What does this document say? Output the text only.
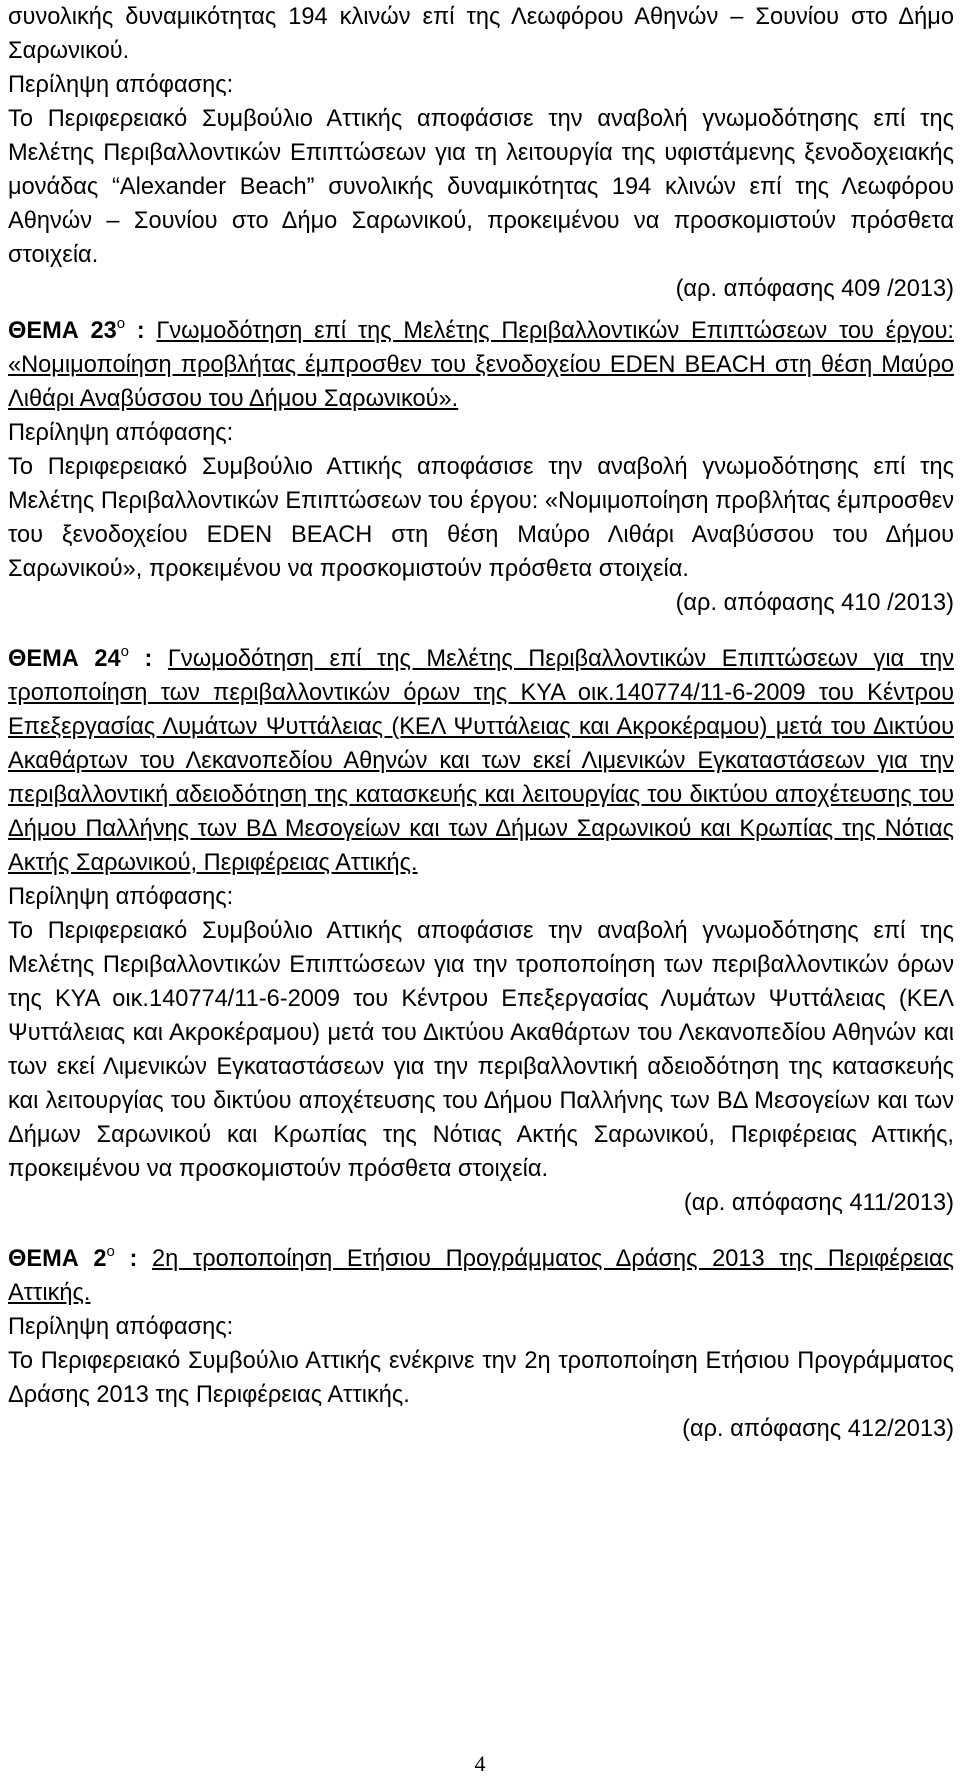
συνολικής δυναμικότητας 194 κλινών επί της Λεωφόρου Αθηνών – Σουνίου στο Δήμο Σαρωνικού.

Περίληψη απόφασης:

Το Περιφερειακό Συμβούλιο Αττικής αποφάσισε την αναβολή γνωμοδότησης επί της Μελέτης Περιβαλλοντικών Επιπτώσεων για τη λειτουργία της υφιστάμενης ξενοδοχειακής μονάδας “Alexander Beach” συνολικής δυναμικότητας 194 κλινών επί της Λεωφόρου Αθηνών – Σουνίου στο Δήμο Σαρωνικού, προκειμένου να προσκομιστούν πρόσθετα στοιχεία.

(αρ. απόφασης 409 /2013)

ΘΕΜΑ $23^o$ : Γνωμοδότηση επί της Μελέτης Περιβαλλοντικών Επιπτώσεων του έργου: «Νομιμοποίηση προβλήτας έμπροσθεν του ξενοδοχείου EDEN BEACH στη θέση Μαύρο Λιθάρι Αναβύσσου του Δήμου Σαρωνικού».

Περίληψη απόφασης:

Το Περιφερειακό Συμβούλιο Αττικής αποφάσισε την αναβολή γνωμοδότησης επί της Μελέτης Περιβαλλοντικών Επιπτώσεων του έργου: «Νομιμοποίηση προβλήτας έμπροσθεν του ξενοδοχείου EDEN BEACH στη θέση Μαύρο Λιθάρι Αναβύσσου του Δήμου Σαρωνικού», προκειμένου να προσκομιστούν πρόσθετα στοιχεία.

(αρ. απόφασης 410 /2013)

ΘΕΜΑ $24^o$ : Γνωμοδότηση επί της Μελέτης Περιβαλλοντικών Επιπτώσεων για την τροποποίηση των περιβαλλοντικών όρων της ΚΥΑ οικ.140774/11-6-2009 του Κέντρου Επεξεργασίας Λυμάτων Ψυττάλειας (ΚΕΛ Ψυττάλειας και Ακροκέραμου) μετά του Δικτύου Ακαθάρτων του Λεκανοπεδίου Αθηνών και των εκεί Λιμενικών Εγκαταστάσεων για την περιβαλλοντική αδειοδότηση της κατασκευής και λειτουργίας του δικτύου αποχέτευσης του Δήμου Παλλήνης των ΒΔ Μεσογείων και των Δήμων Σαρωνικού και Κρωπίας της Νότιας Ακτής Σαρωνικού, Περιφέρειας Αττικής.

Περίληψη απόφασης:

Το Περιφερειακό Συμβούλιο Αττικής αποφάσισε την αναβολή γνωμοδότησης επί της Μελέτης Περιβαλλοντικών Επιπτώσεων για την τροποποίηση των περιβαλλοντικών όρων της ΚΥΑ οικ.140774/11-6-2009 του Κέντρου Επεξεργασίας Λυμάτων Ψυττάλειας (ΚΕΛ Ψυττάλειας και Ακροκέραμου) μετά του Δικτύου Ακαθάρτων του Λεκανοπεδίου Αθηνών και των εκεί Λιμενικών Εγκαταστάσεων για την περιβαλλοντική αδειοδότηση της κατασκευής και λειτουργίας του δικτύου αποχέτευσης του Δήμου Παλλήνης των ΒΔ Μεσογείων και των Δήμων Σαρωνικού και Κρωπίας της Νότιας Ακτής Σαρωνικού, Περιφέρειας Αττικής, προκειμένου να προσκομιστούν πρόσθετα στοιχεία.

(αρ. απόφασης 411/2013)

ΘΕΜΑ $2^o$ : 2η τροποποίηση Ετήσιου Προγράμματος Δράσης 2013 της Περιφέρειας Αττικής.

Περίληψη απόφασης:

Το Περιφερειακό Συμβούλιο Αττικής ενέκρινε την 2η τροποποίηση Ετήσιου Προγράμματος Δράσης 2013 της Περιφέρειας Αττικής.

(αρ. απόφασης 412/2013)

4
